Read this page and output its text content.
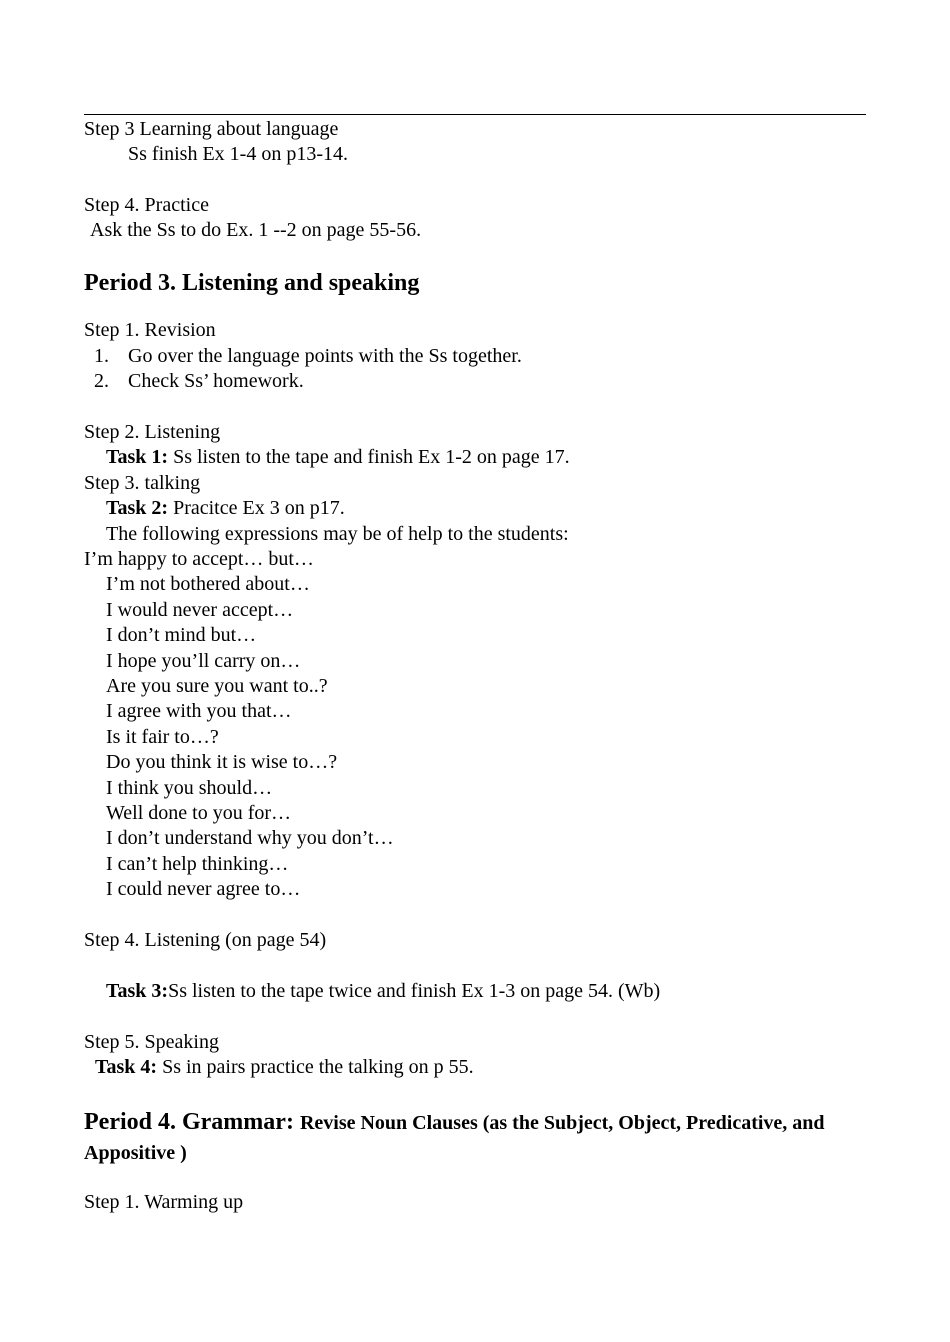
Step 3 Learning about language
Ss finish Ex 1-4 on p13-14.
Step 4. Practice
Ask the Ss to do Ex. 1 --2 on page 55-56.
Period 3. Listening and speaking
Step 1. Revision
1. Go over the language points with the Ss together.
2. Check Ss’ homework.
Step 2. Listening
Task 1: Ss listen to the tape and finish Ex 1-2 on page 17.
Step 3. talking
Task 2: Pracitce Ex 3 on p17.
The following expressions may be of help to the students:
I’m happy to accept… but…
I’m not bothered about…
I would never accept…
I don’t mind but…
I hope you’ll carry on…
Are you sure you want to..?
I agree with you that…
Is it fair to…?
Do you think it is wise to…?
I think you should…
Well done to you for…
I don’t understand why you don’t…
I can’t help thinking…
I could never agree to…
Step 4. Listening (on page 54)
Task 3:Ss listen to the tape twice and finish Ex 1-3 on page 54. (Wb)
Step 5. Speaking
Task 4: Ss in pairs practice the talking on p 55.
Period 4. Grammar: Revise Noun Clauses (as the Subject, Object, Predicative, and Appositive )
Step 1. Warming up
